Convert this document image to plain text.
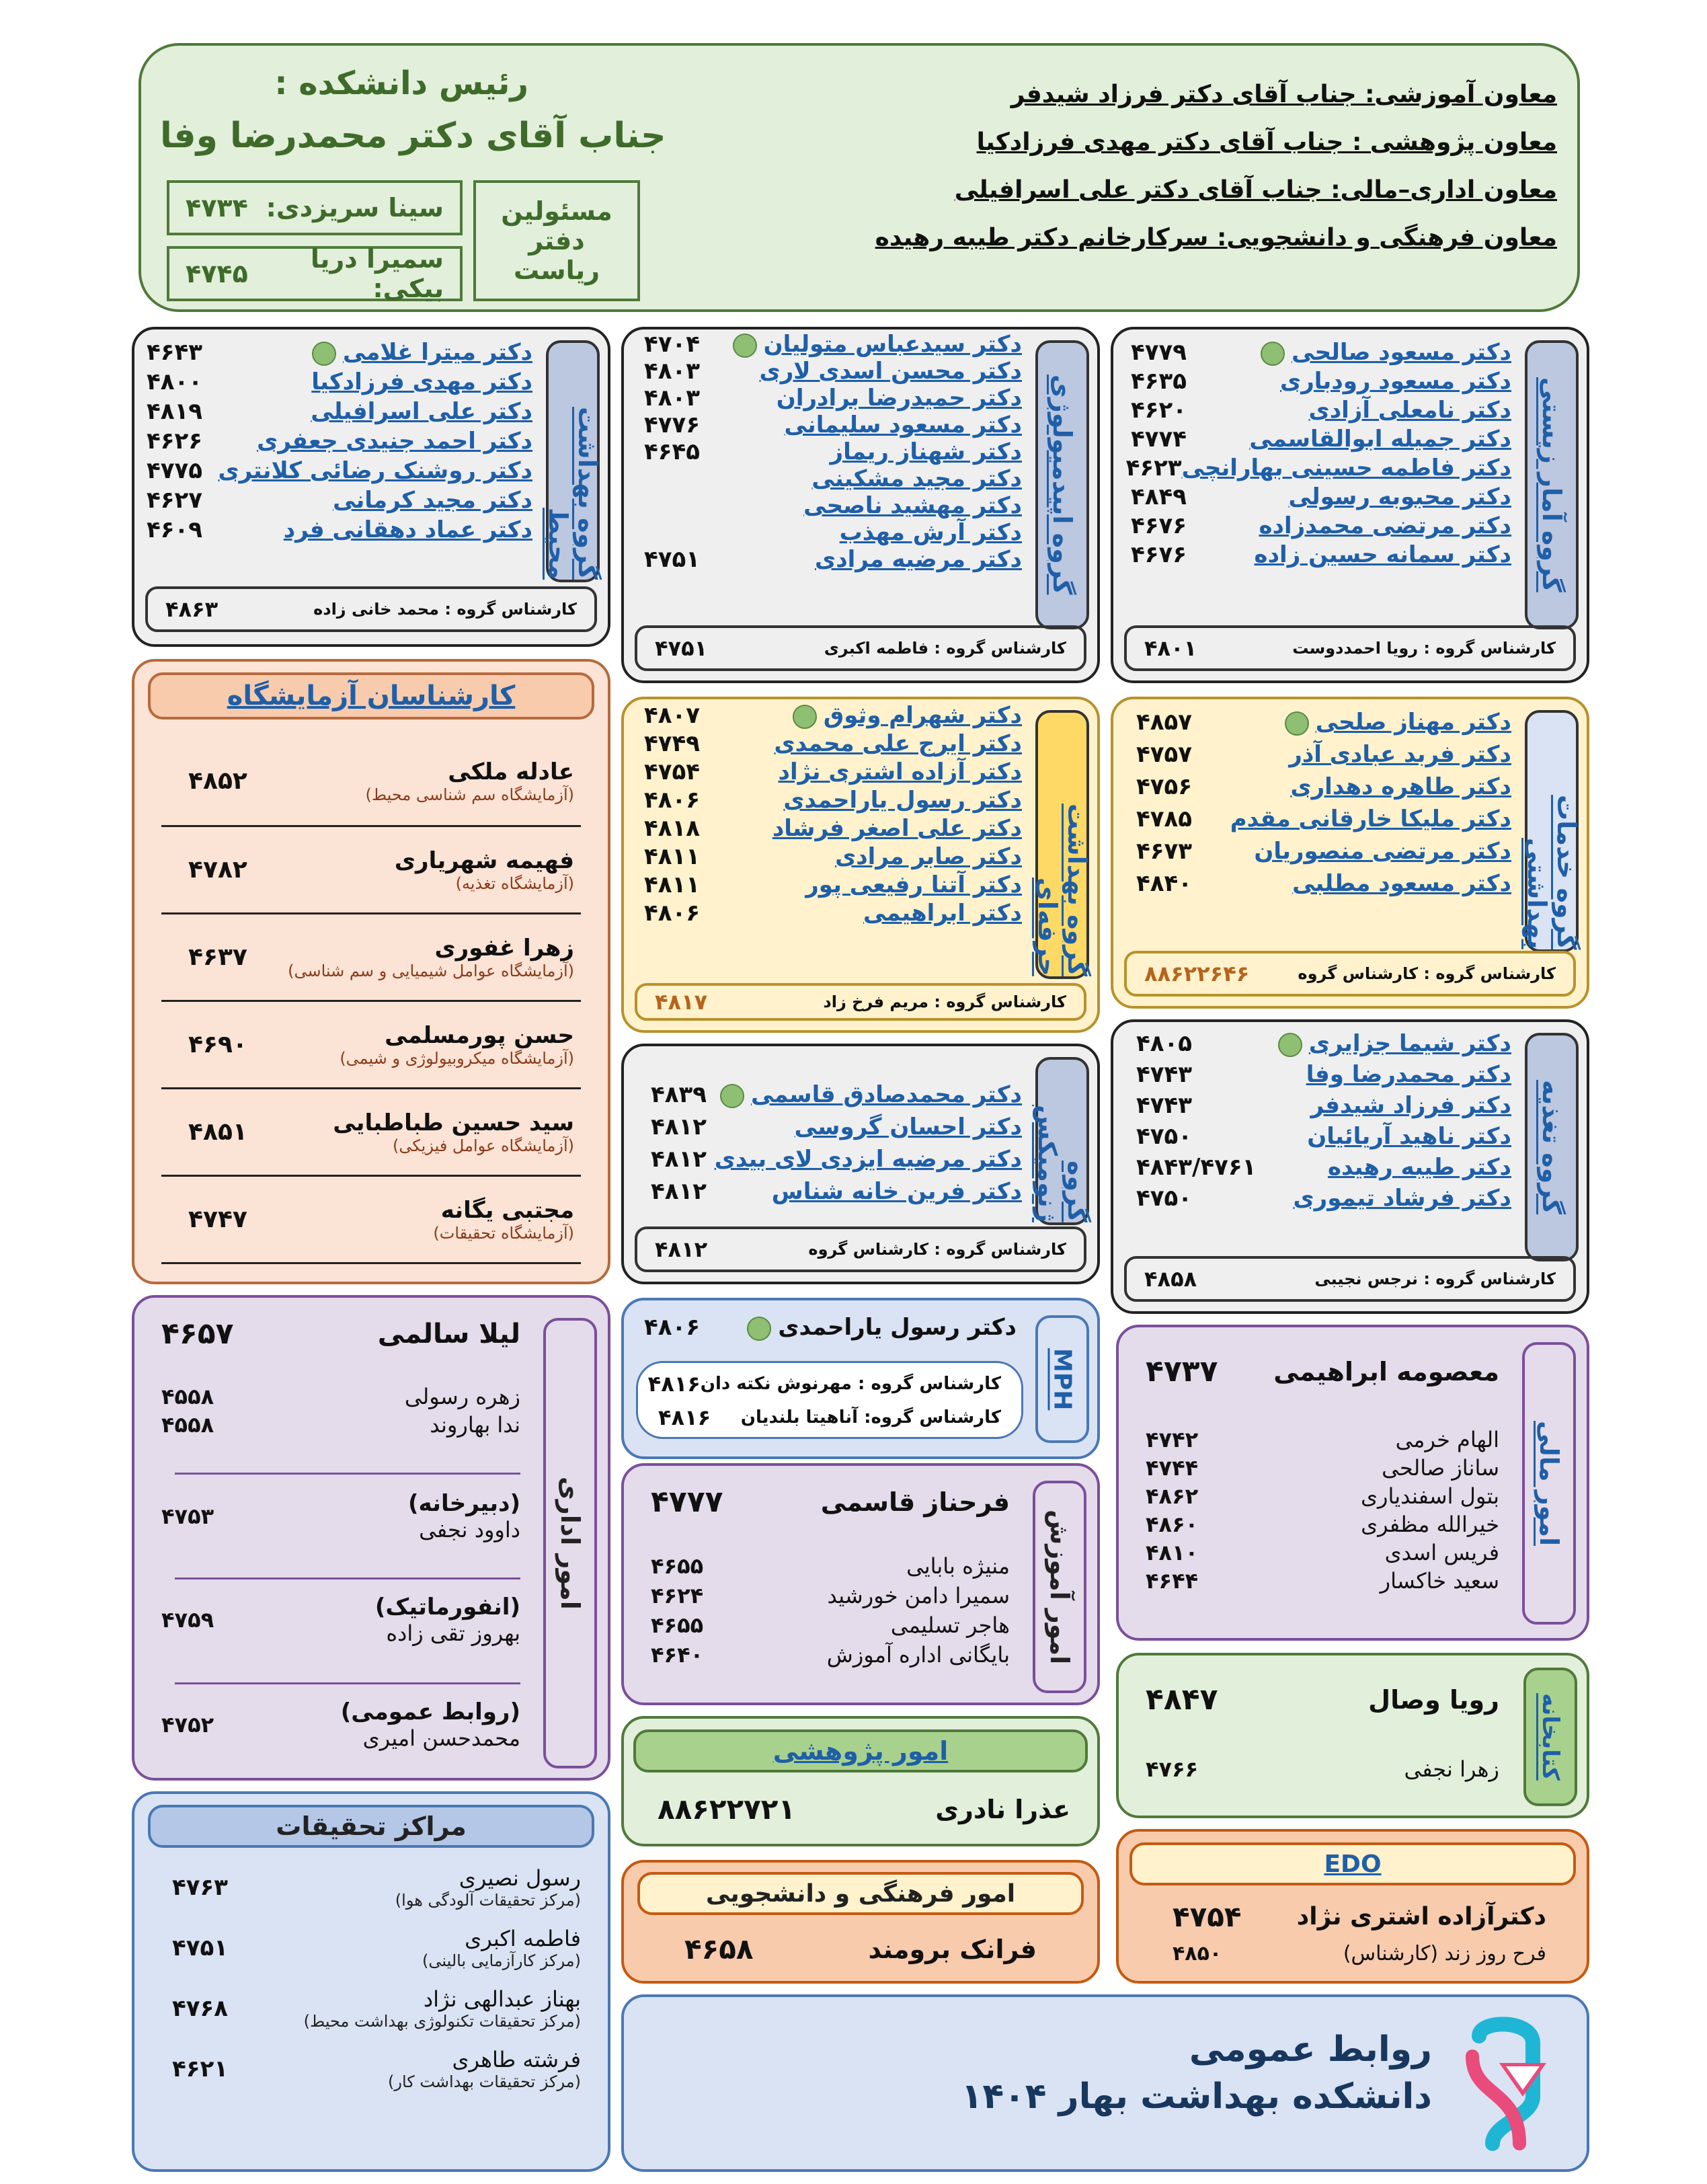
رئیس دانشکده :
جناب آقای دکتر محمدرضا وفا
مسئولین دفتر ریاست
سینا سریزدی:
۴۷۳۴
سمیرا دریا بیکی:
۴۷۴۵
معاون آموزشی: جناب آقای دکتر فرزاد شیدفر
معاون پژوهشی : جناب آقای دکتر مهدی فرزادکیا
معاون اداری–مالی: جناب آقای دکتر علی اسرافیلی
معاون فرهنگی و دانشجویی: سرکارخانم دکتر طیبه رهیده
گروه آمار زیستی
دکتر مسعود صالحی
۴۷۷۹
دکتر مسعود رودباری
۴۶۳۵
دکتر نامعلی آزادی
۴۶۲۰
دکتر جمیله ابوالقاسمی
۴۷۷۴
دکتر فاطمه حسینی بهارانچی
۴۶۲۳
دکتر محبوبه رسولی
۴۸۴۹
دکتر مرتضی محمدزاده
۴۶۷۶
دکتر سمانه حسین زاده
۴۶۷۶
کارشناس گروه : رویا احمددوست
۴۸۰۱
گروه اپیدمیولوژی
دکتر سیدعباس متولیان
۴۷۰۴
دکتر محسن اسدی لاری
۴۸۰۳
دکتر حمیدرضا برادران
۴۸۰۳
دکتر مسعود سلیمانی
۴۷۷۶
دکتر شهناز ریماز
۴۶۴۵
دکتر مجید مشکینی
دکتر مهشید ناصحی
دکتر آرش مهذب
دکتر مرضیه مرادی
۴۷۵۱
کارشناس گروه : فاطمه اکبری
۴۷۵۱
گروه بهداشت محیط
دکتر میترا غلامی
۴۶۴۳
دکتر مهدی فرزادکیا
۴۸۰۰
دکتر علی اسرافیلی
۴۸۱۹
دکتر احمد جنیدی جعفری
۴۶۲۶
دکتر روشنک رضائی کلانتری
۴۷۷۵
دکتر مجید کرمانی
۴۶۲۷
دکتر عماد دهقانی فرد
۴۶۰۹
کارشناس گروه : محمد خانی زاده
۴۸۶۳
گروه خدمات بهداشتی
دکتر مهناز صلحی
۴۸۵۷
دکتر فربد عبادی آذر
۴۷۵۷
دکتر طاهره دهداری
۴۷۵۶
دکتر ملیکا خارقانی مقدم
۴۷۸۵
دکتر مرتضی منصوریان
۴۶۷۳
دکتر مسعود مطلبی
۴۸۴۰
کارشناس گروه : کارشناس گروه
۸۸۶۲۲۶۴۶
گروه بهداشت حرفه‌ای
دکتر شهرام وثوق
۴۸۰۷
دکتر ایرج علی محمدی
۴۷۴۹
دکتر آزاده اشتری نژاد
۴۷۵۴
دکتر رسول یاراحمدی
۴۸۰۶
دکتر علی اصغر فرشاد
۴۸۱۸
دکتر صابر مرادی
۴۸۱۱
دکتر آتنا رفیعی پور
۴۸۱۱
دکتر ابراهیمی
۴۸۰۶
کارشناس گروه : مریم فرخ زاد
۴۸۱۷
گروه تغذیه
دکتر شیما جزایری
۴۸۰۵
دکتر محمدرضا وفا
۴۷۴۳
دکتر فرزاد شیدفر
۴۷۴۳
دکتر ناهید آریائیان
۴۷۵۰
دکتر طیبه رهیده
۴۸۴۳/۴۷۶۱
دکتر فرشاد تیموری
۴۷۵۰
کارشناس گروه : نرجس نجیبی
۴۸۵۸
گروه ژنومیکس
دکتر محمدصادق قاسمی
۴۸۳۹
دکتر احسان گروسی
۴۸۱۲
دکتر مرضیه ایزدی لای بیدی
۴۸۱۲
دکتر فرین خانه شناس
۴۸۱۲
کارشناس گروه : کارشناس گروه
۴۸۱۲
کارشناسان آزمایشگاه
عادله ملکی
(آزمایشگاه سم شناسی محیط)
۴۸۵۲
فهیمه شهریاری
(آزمایشگاه تغذیه)
۴۷۸۲
زهرا غفوری
(آزمایشگاه عوامل شیمیایی و سم شناسی)
۴۶۳۷
حسن پورمسلمی
(آزمایشگاه میکروبیولوژی و شیمی)
۴۶۹۰
سید حسین طباطبایی
(آزمایشگاه عوامل فیزیکی)
۴۸۵۱
مجتبی یگانه
(آزمایشگاه تحقیقات)
۴۷۴۷
امور اداری
لیلا سالمی
۴۶۵۷
زهره رسولی
۴۵۵۸
ندا بهاروند
۴۵۵۸
(دبیرخانه)
داوود نجفی
۴۷۵۳
(انفورماتیک)
بهروز تقی زاده
۴۷۵۹
(روابط عمومی)
محمدحسن امیری
۴۷۵۲
MPH
دکتر رسول یاراحمدی
۴۸۰۶
کارشناس گروه : مهرنوش نکته دان
۴۸۱۶
کارشناس گروه: آناهیتا بلندیان
۴۸۱۶
امور آموزش
فرحناز قاسمی
۴۷۷۷
منیژه بابایی
۴۶۵۵
سمیرا دامن خورشید
۴۶۲۴
هاجر تسلیمی
۴۶۵۵
بایگانی اداره آموزش
۴۶۴۰
امور مالی
معصومه ابراهیمی
۴۷۳۷
الهام خرمی
۴۷۴۲
ساناز صالحی
۴۷۴۴
بتول اسفندیاری
۴۸۶۲
خیرالله مظفری
۴۸۶۰
فریس اسدی
۴۸۱۰
سعید خاکسار
۴۶۴۴
کتابخانه
رویا وصال
۴۸۴۷
زهرا نجفی
۴۷۶۶
امور پژوهشی
عذرا نادری
۸۸۶۲۲۷۲۱
امور فرهنگی و دانشجویی
فرانک برومند
۴۶۵۸
EDO
دکترآزاده اشتری نژاد
۴۷۵۴
فرح روز زند (کارشناس)
۴۸۵۰
مراکز تحقیقات
رسول نصیری
(مرکز تحقیقات آلودگی هوا)
۴۷۶۳
فاطمه اکبری
(مرکز کارآزمایی بالینی)
۴۷۵۱
بهناز عبدالهی نژاد
(مرکز تحقیقات تکنولوژی بهداشت محیط)
۴۷۶۸
فرشته طاهری
(مرکز تحقیقات بهداشت کار)
۴۶۲۱	روابط عمومی
دانشکده بهداشت بهار ۱۴۰۴
